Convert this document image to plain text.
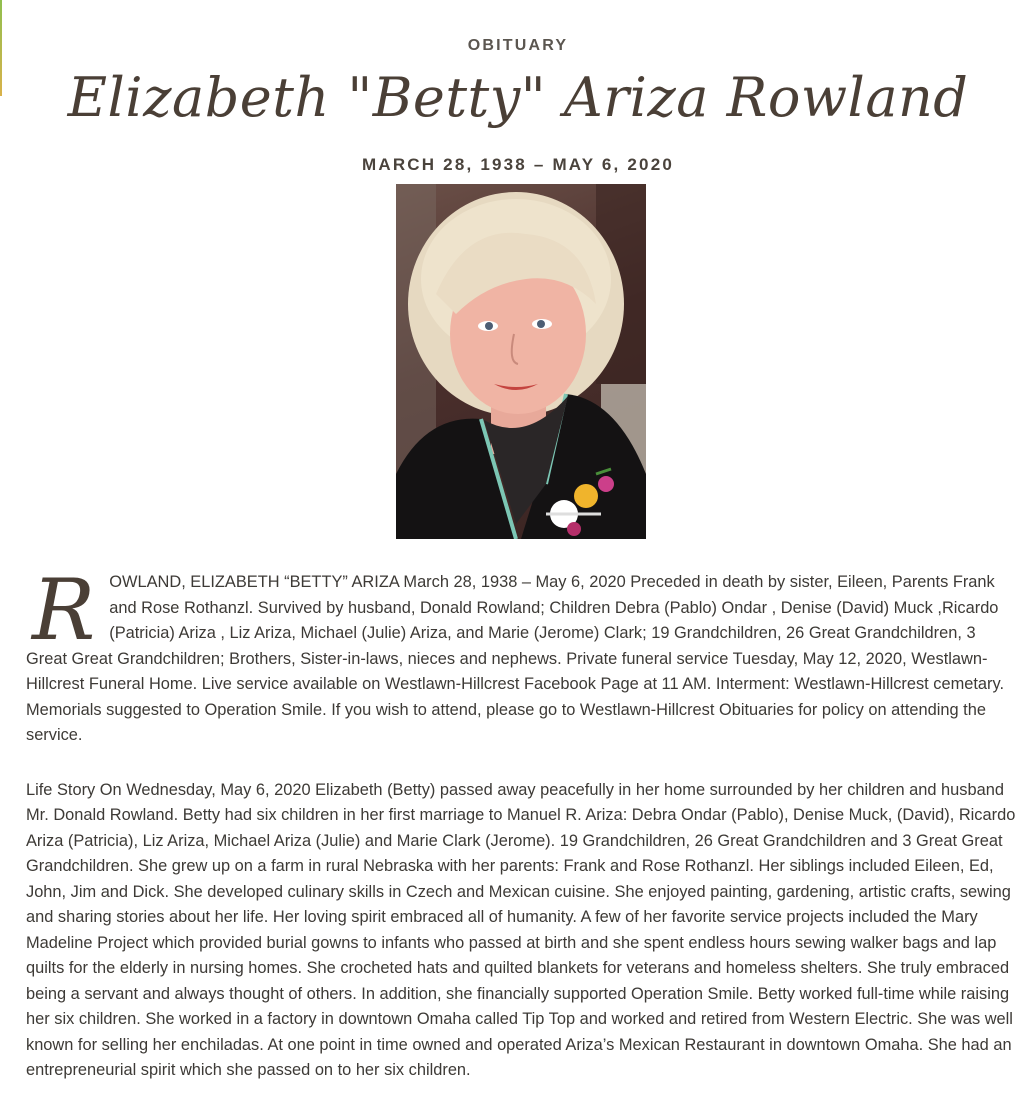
OBITUARY
Elizabeth "Betty" Ariza Rowland
MARCH 28, 1938 – MAY 6, 2020

R OWLAND, ELIZABETH “BETTY” ARIZA March 28, 1938 – May 6, 2020 Preceded in death by sister, Eileen, Parents Frank and Rose Rothanzl. Survived by husband, Donald Rowland; Children Debra (Pablo) Ondar , Denise (David) Muck ,Ricardo (Patricia) Ariza , Liz Ariza, Michael (Julie) Ariza, and Marie (Jerome) Clark; 19 Grandchildren, 26 Great Grandchildren, 3 Great Great Grandchildren; Brothers, Sister-in-laws, nieces and nephews. Private funeral service Tuesday, May 12, 2020, Westlawn-Hillcrest Funeral Home. Live service available on Westlawn-Hillcrest Facebook Page at 11 AM. Interment: Westlawn-Hillcrest cemetary. Memorials suggested to Operation Smile. If you wish to attend, please go to Westlawn-Hillcrest Obituaries for policy on attending the service.

Life Story On Wednesday, May 6, 2020 Elizabeth (Betty) passed away peacefully in her home surrounded by her children and husband Mr. Donald Rowland. Betty had six children in her first marriage to Manuel R. Ariza: Debra Ondar (Pablo), Denise Muck, (David), Ricardo Ariza (Patricia), Liz Ariza, Michael Ariza (Julie) and Marie Clark (Jerome). 19 Grandchildren, 26 Great Grandchildren and 3 Great Great Grandchildren. She grew up on a farm in rural Nebraska with her parents: Frank and Rose Rothanzl. Her siblings included Eileen, Ed, John, Jim and Dick. She developed culinary skills in Czech and Mexican cuisine. She enjoyed painting, gardening, artistic crafts, sewing and sharing stories about her life. Her loving spirit embraced all of humanity. A few of her favorite service projects included the Mary Madeline Project which provided burial gowns to infants who passed at birth and she spent endless hours sewing walker bags and lap quilts for the elderly in nursing homes. She crocheted hats and quilted blankets for veterans and homeless shelters. She truly embraced being a servant and always thought of others. In addition, she financially supported Operation Smile. Betty worked full-time while raising her six children. She worked in a factory in downtown Omaha called Tip Top and worked and retired from Western Electric. She was well known for selling her enchiladas. At one point in time owned and operated Ariza’s Mexican Restaurant in downtown Omaha. She had an entrepreneurial spirit which she passed on to her six children.
